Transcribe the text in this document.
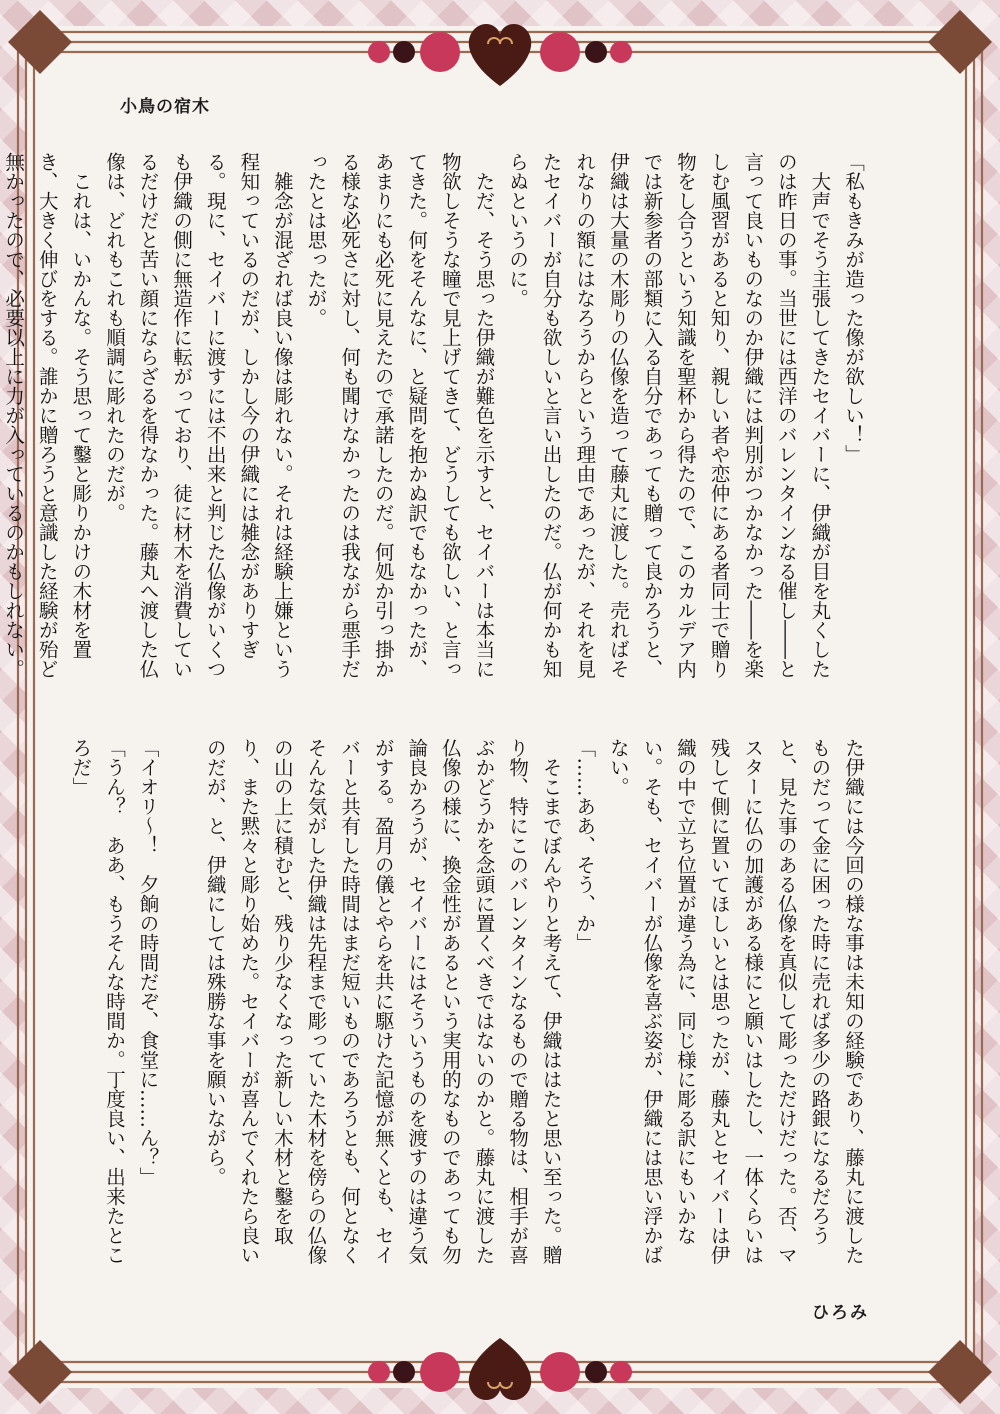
小鳥の宿木

「私もきみが造った像が欲しい！」

　大声でそう主張してきたセイバーに、伊織が目を丸くしたのは昨日の事。当世には西洋のバレンタインなる催し――と言って良いものなのか伊織には判別がつかなかった――を楽しむ風習があると知り、親しい者や恋仲にある者同士で贈り物をし合うという知識を聖杯から得たので、このカルデア内では新参者の部類に入る自分であっても贈って良かろうと、伊織は大量の木彫りの仏像を造って藤丸に渡した。売ればそれなりの額にはなろうからという理由であったが、それを見たセイバーが自分も欲しいと言い出したのだ。仏が何かも知らぬというのに。

　ただ、そう思った伊織が難色を示すと、セイバーは本当に物欲しそうな瞳で見上げてきて、どうしても欲しい、と言ってきた。何をそんなに、と疑問を抱かぬ訳でもなかったが、あまりにも必死に見えたので承諾したのだ。何処か引っ掛かる様な必死さに対し、何も聞けなかったのは我ながら悪手だったとは思ったが。

　雑念が混ざれば良い像は彫れない。それは経験上嫌という程知っているのだが、しかし今の伊織には雑念がありすぎる。現に、セイバーに渡すには不出来と判じた仏像がいくつも伊織の側に無造作に転がっており、徒に材木を消費しているだけだと苦い顔にならざるを得なかった。藤丸へ渡した仏像は、どれもこれも順調に彫れたのだが。

　これは、いかんな。そう思って鑿と彫りかけの木材を置き、大きく伸びをする。誰かに贈ろうと意識した経験が殆ど無かったので、必要以上に力が入っているのかもしれない。

た伊織には今回の様な事は未知の経験であり、藤丸に渡したものだって金に困った時に売れば多少の路銀になるだろうと、見た事のある仏像を真似して彫っただけだった。否、マスターに仏の加護がある様にと願いはしたし、一体くらいは残して側に置いてほしいとは思ったが、藤丸とセイバーは伊織の中で立ち位置が違う為に、同じ様に彫る訳にもいかない。そも、セイバーが仏像を喜ぶ姿が、伊織には思い浮かばない。

「……ああ、そう、か」

　そこまでぼんやりと考えて、伊織ははたと思い至った。贈り物、特にこのバレンタインなるもので贈る物は、相手が喜ぶかどうかを念頭に置くべきではないのかと。藤丸に渡した仏像の様に、換金性があるという実用的なものであっても勿論良かろうが、セイバーにはそういうものを渡すのは違う気がする。盈月の儀とやらを共に駆けた記憶が無くとも、セイバーと共有した時間はまだ短いものであろうとも、何となくそんな気がした伊織は先程まで彫っていた木材を傍らの仏像の山の上に積むと、残り少なくなった新しい木材と鑿を取り、また黙々と彫り始めた。セイバーが喜んでくれたら良いのだが、と、伊織にしては殊勝な事を願いながら。

「イオリ～！　夕餉の時間だぞ、食堂に……ん？」

「うん？　ああ、もうそんな時間か。丁度良い、出来たところだ」

ひろみ
